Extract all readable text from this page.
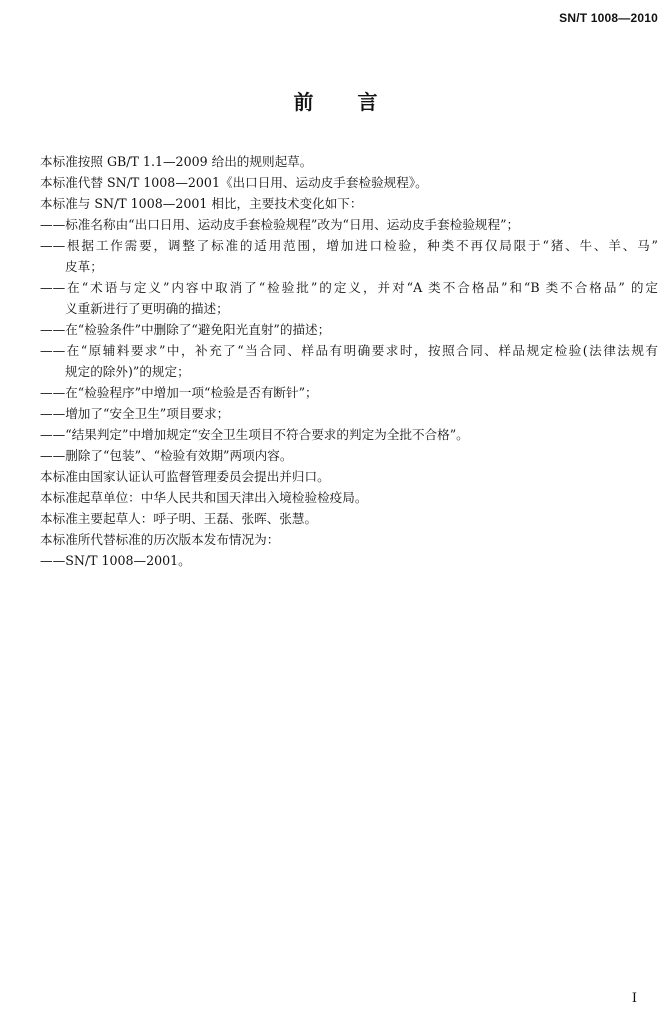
SN/T 1008—2010
前 言
本标准按照 GB/T 1.1—2009 给出的规则起草。
本标准代替 SN/T 1008—2001《出口日用、运动皮手套检验规程》。
本标准与 SN/T 1008—2001 相比，主要技术变化如下：
——标准名称由“出口日用、运动皮手套检验规程”改为“日用、运动皮手套检验规程”；
——根据工作需要，调整了标准的适用范围，增加进口检验，种类不再仅局限于“猪、牛、羊、马”
皮革；
——在“术语与定义”内容中取消了“检验批”的定义，并对“A 类不合格品”和“B 类不合格品” 的定
义重新进行了更明确的描述；
——在“检验条件”中删除了“避免阳光直射”的描述；
——在“原辅料要求”中，补充了“当合同、样品有明确要求时，按照合同、样品规定检验(法律法规有
规定的除外)”的规定；
——在“检验程序”中增加一项“检验是否有断针”；
——增加了“安全卫生”项目要求；
——“结果判定”中增加规定“安全卫生项目不符合要求的判定为全批不合格”。
——删除了“包装”、“检验有效期”两项内容。
本标准由国家认证认可监督管理委员会提出并归口。
本标准起草单位：中华人民共和国天津出入境检验检疫局。
本标准主要起草人：呼子明、王磊、张晖、张慧。
本标准所代替标准的历次版本发布情况为：
——SN/T 1008—2001。
I
